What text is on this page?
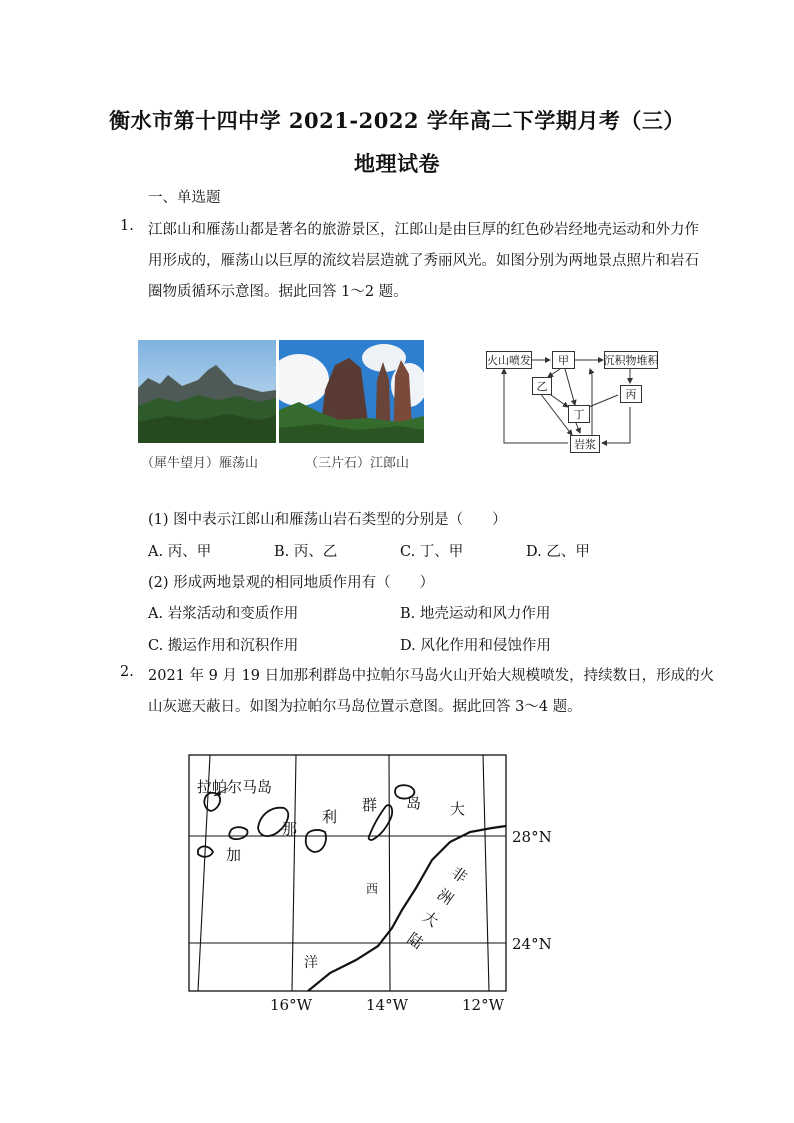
衡水市第十四中学 2021-2022 学年高二下学期月考（三）
地理试卷
一、单选题
1. 江郎山和雁荡山都是著名的旅游景区，江郎山是由巨厚的红色砂岩经地壳运动和外力作
用形成的，雁荡山以巨厚的流纹岩层造就了秀丽风光。如图分别为两地景点照片和岩石
圈物质循环示意图。据此回答 1～2 题。
（犀牛望月）雁荡山	（三片石）江郎山
火山喷发	甲	沉积物堆积
乙
丙
丁
岩浆
(1) 图中表示江郎山和雁荡山岩石类型的分别是（　　）
A. 丙、甲	B. 丙、乙	C. 丁、甲	D. 乙、甲
(2) 形成两地景观的相同地质作用有（　　）
A. 岩浆活动和变质作用	B. 地壳运动和风力作用
C. 搬运作用和沉积作用	D. 风化作用和侵蚀作用
2. 2021 年 9 月 19 日加那利群岛中拉帕尔马岛火山开始大规模喷发，持续数日，形成的火
山灰遮天蔽日。如图为拉帕尔马岛位置示意图。据此回答 3～4 题。
拉帕尔马岛
加
那
利
群 岛 大
西
洋
非
洲
大
陆
28°N
24°N
16°W	14°W	12°W
